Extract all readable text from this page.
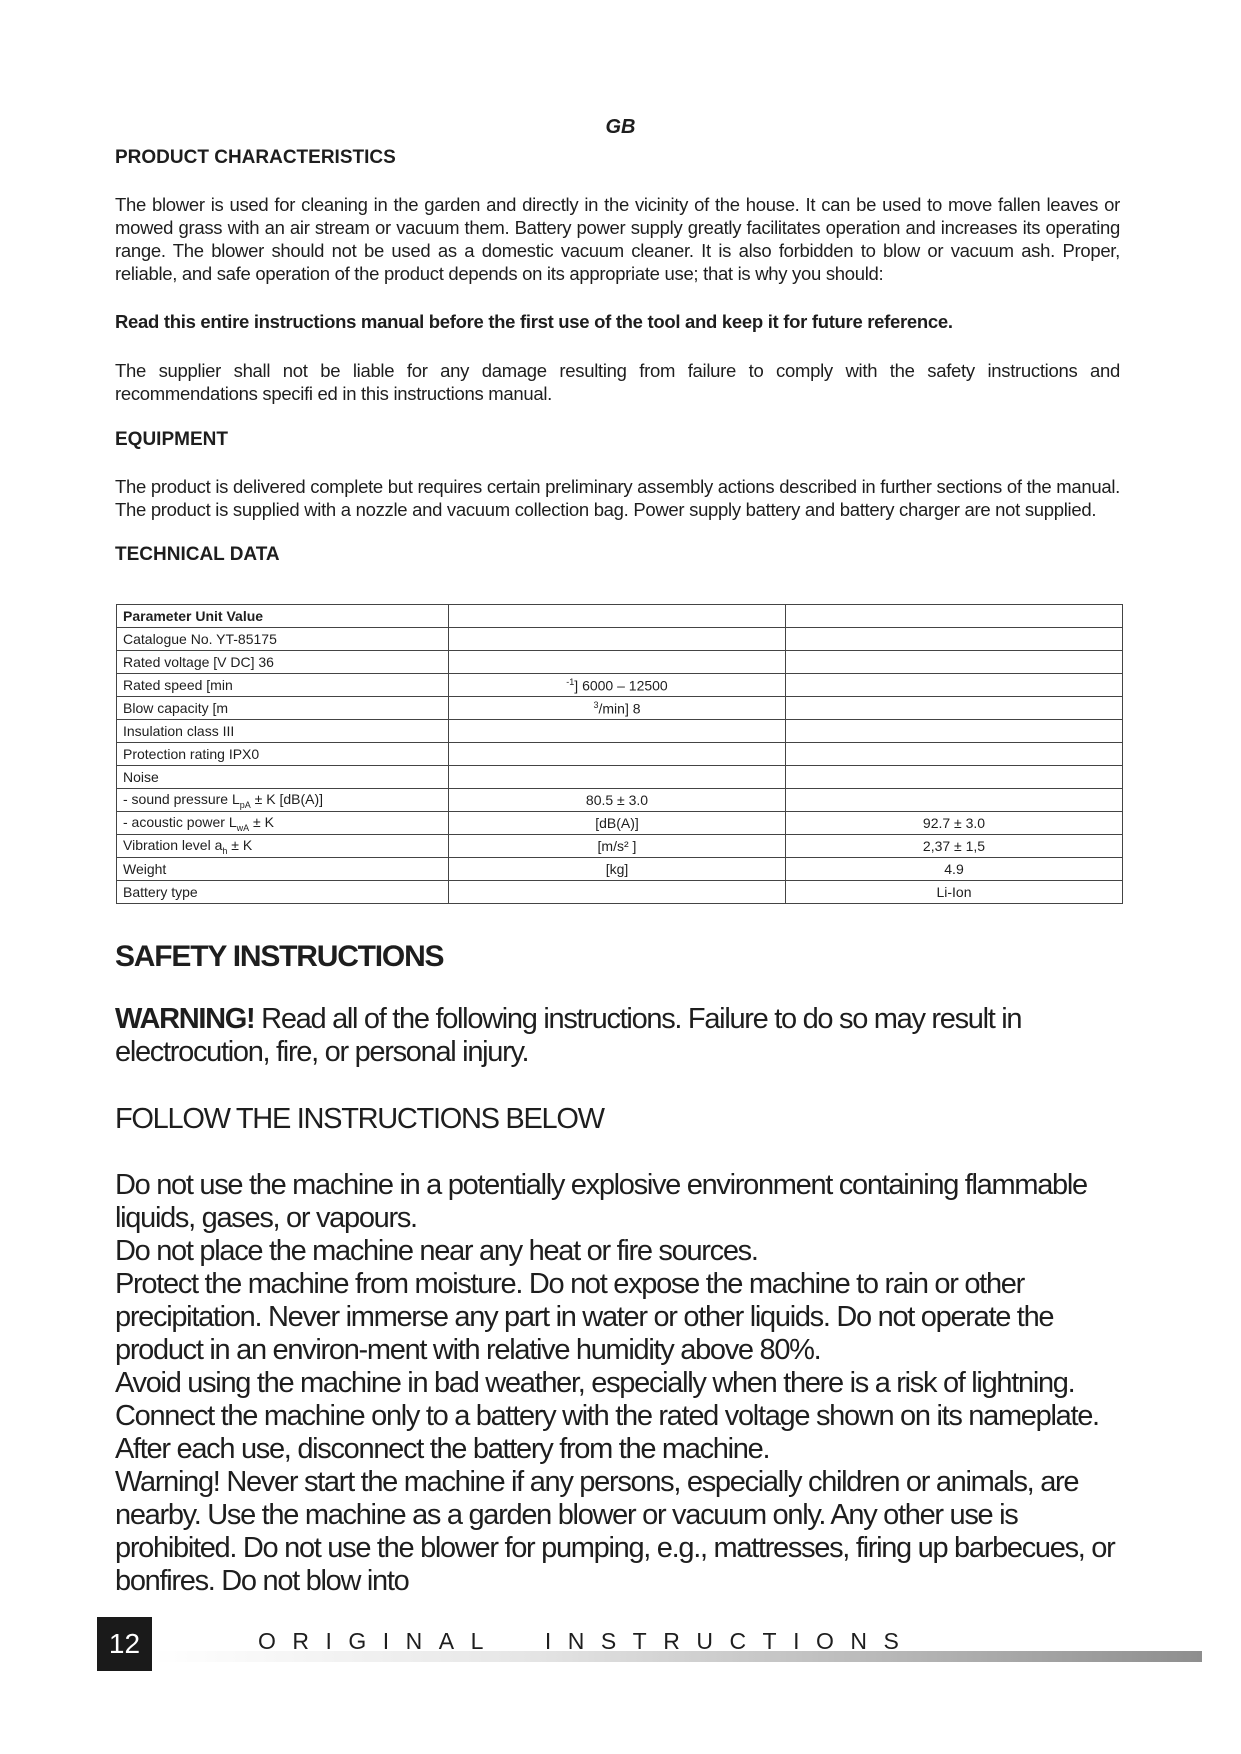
GB
PRODUCT CHARACTERISTICS
The blower is used for cleaning in the garden and directly in the vicinity of the house. It can be used to move fallen leaves or mowed grass with an air stream or vacuum them. Battery power supply greatly facilitates operation and increases its operating range. The blower should not be used as a domestic vacuum cleaner. It is also forbidden to blow or vacuum ash. Proper, reliable, and safe operation of the product depends on its appropriate use; that is why you should:
Read this entire instructions manual before the first use of the tool and keep it for future reference.
The supplier shall not be liable for any damage resulting from failure to comply with the safety instructions and recommendations specifi ed in this instructions manual.
EQUIPMENT
The product is delivered complete but requires certain preliminary assembly actions described in further sections of the manual. The product is supplied with a nozzle and vacuum collection bag. Power supply battery and battery charger are not supplied.
TECHNICAL DATA
Parameter Unit Value		
Catalogue No. YT-85175		
Rated voltage [V DC] 36		
Rated speed [min	$^{-1}$] 6000 – 12500	
Blow capacity [m	$^3$/min] 8	
Insulation class III		
Protection rating IPX0		
Noise		
- sound pressure $L_{pA} \pm K$ [dB(A)]	80.5 ± 3.0	
- acoustic power $L_{wA} \pm K$	[dB(A)]	92.7 ± 3.0
Vibration level $a_h \pm K$	[m/s² ]	2,37 ± 1,5
Weight	[kg]	4.9
Battery type		Li-Ion
SAFETY INSTRUCTIONS
WARNING! Read all of the following instructions. Failure to do so may result in electrocution, fire, or personal injury.
FOLLOW THE INSTRUCTIONS BELOW
Do not use the machine in a potentially explosive environment containing flammable liquids, gases, or vapours.
Do not place the machine near any heat or fire sources.
Protect the machine from moisture. Do not expose the machine to rain or other precipitation. Never immerse any part in water or other liquids. Do not operate the product in an environ-ment with relative humidity above 80%.
Avoid using the machine in bad weather, especially when there is a risk of lightning.
Connect the machine only to a battery with the rated voltage shown on its nameplate. After each use, disconnect the battery from the machine.
Warning! Never start the machine if any persons, especially children or animals, are nearby. Use the machine as a garden blower or vacuum only. Any other use is prohibited. Do not use the blower for pumping, e.g., mattresses, firing up barbecues, or bonfires. Do not blow into
12	ORIGINAL  INSTRUCTIONS
